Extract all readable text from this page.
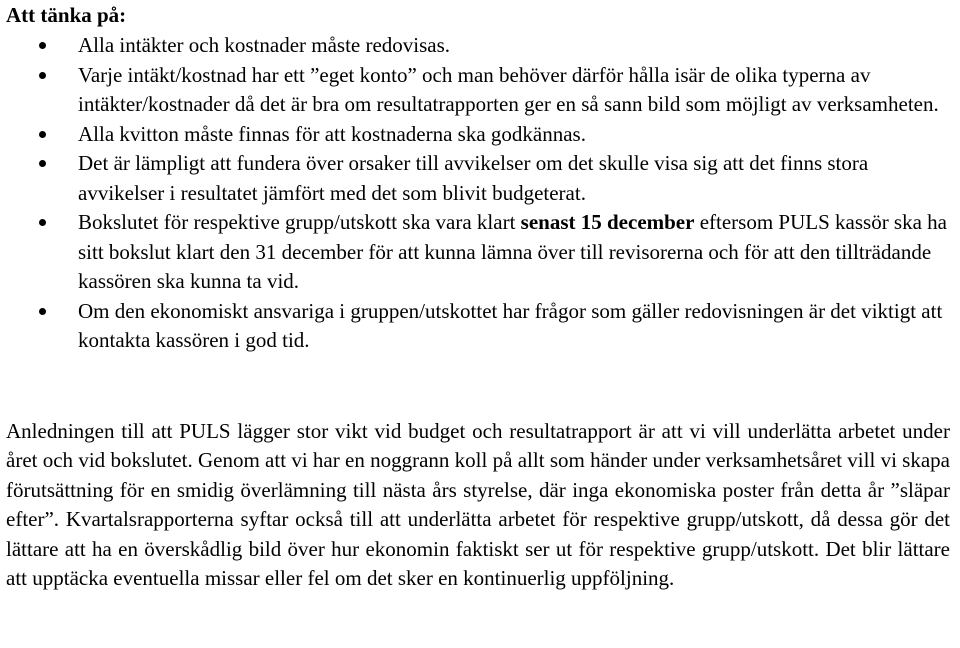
Att tänka på:
Alla intäkter och kostnader måste redovisas.
Varje intäkt/kostnad har ett ”eget konto” och man behöver därför hålla isär de olika typerna av intäkter/kostnader då det är bra om resultatrapporten ger en så sann bild som möjligt av verksamheten.
Alla kvitton måste finnas för att kostnaderna ska godkännas.
Det är lämpligt att fundera över orsaker till avvikelser om det skulle visa sig att det finns stora avvikelser i resultatet jämfört med det som blivit budgeterat.
Bokslutet för respektive grupp/utskott ska vara klart senast 15 december eftersom PULS kassör ska ha sitt bokslut klart den 31 december för att kunna lämna över till revisorerna och för att den tillträdande kassören ska kunna ta vid.
Om den ekonomiskt ansvariga i gruppen/utskottet har frågor som gäller redovisningen är det viktigt att kontakta kassören i god tid.

Anledningen till att PULS lägger stor vikt vid budget och resultatrapport är att vi vill underlätta arbetet under året och vid bokslutet. Genom att vi har en noggrann koll på allt som händer under verksamhetsåret vill vi skapa förutsättning för en smidig överlämning till nästa års styrelse, där inga ekonomiska poster från detta år ”släpar efter”. Kvartalsrapporterna syftar också till att underlätta arbetet för respektive grupp/utskott, då dessa gör det lättare att ha en överskådlig bild över hur ekonomin faktiskt ser ut för respektive grupp/utskott. Det blir lättare att upptäcka eventuella missar eller fel om det sker en kontinuerlig uppföljning.
